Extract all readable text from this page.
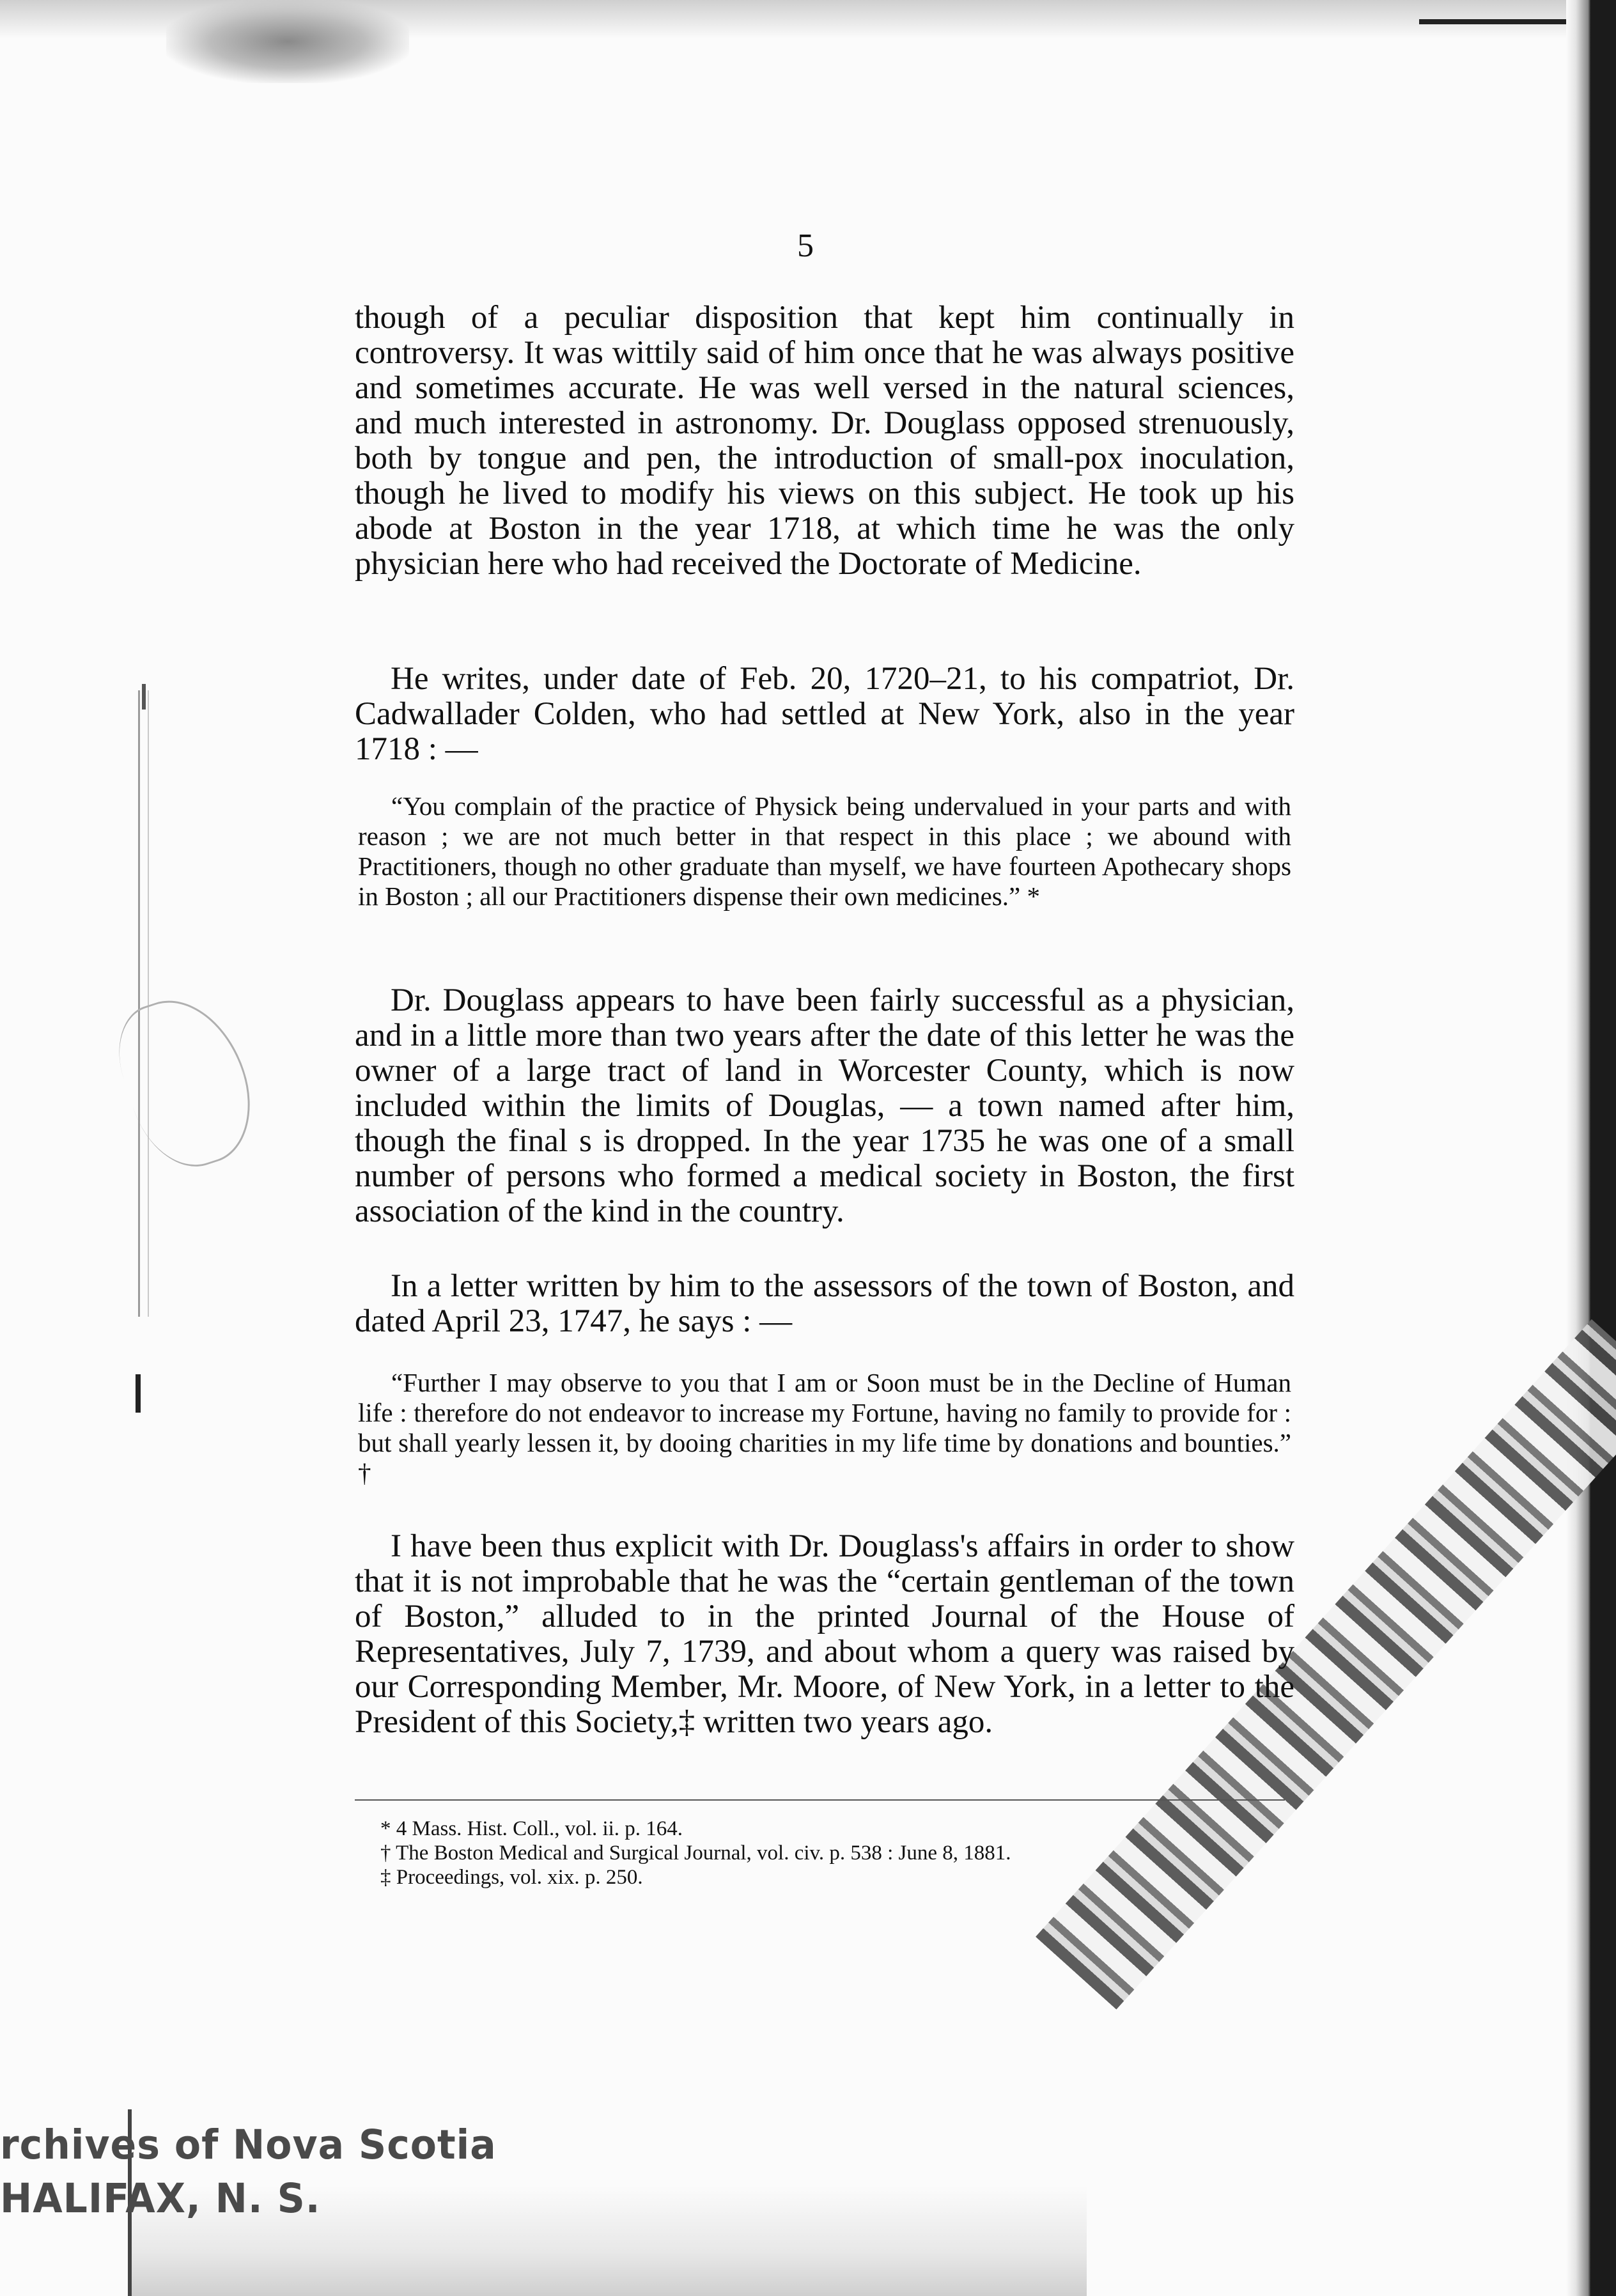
5

though of a peculiar disposition that kept him continually in controversy. It was wittily said of him once that he was always positive and sometimes accurate. He was well versed in the natural sciences, and much interested in astronomy. Dr. Douglass opposed strenuously, both by tongue and pen, the introduction of small-pox inoculation, though he lived to modify his views on this subject. He took up his abode at Boston in the year 1718, at which time he was the only physician here who had received the Doctorate of Medicine.

He writes, under date of Feb. 20, 1720–21, to his compatriot, Dr. Cadwallader Colden, who had settled at New York, also in the year 1718 : —

“You complain of the practice of Physick being undervalued in your parts and with reason ; we are not much better in that respect in this place ; we abound with Practitioners, though no other graduate than myself, we have fourteen Apothecary shops in Boston ; all our Practitioners dispense their own medicines.” *

Dr. Douglass appears to have been fairly successful as a physician, and in a little more than two years after the date of this letter he was the owner of a large tract of land in Worcester County, which is now included within the limits of Douglas, — a town named after him, though the final s is dropped. In the year 1735 he was one of a small number of persons who formed a medical society in Boston, the first association of the kind in the country.

In a letter written by him to the assessors of the town of Boston, and dated April 23, 1747, he says : —

“Further I may observe to you that I am or Soon must be in the Decline of Human life : therefore do not endeavor to increase my Fortune, having no family to provide for : but shall yearly lessen it, by dooing charities in my life time by donations and bounties.” †

I have been thus explicit with Dr. Douglass's affairs in order to show that it is not improbable that he was the “certain gentleman of the town of Boston,” alluded to in the printed Journal of the House of Representatives, July 7, 1739, and about whom a query was raised by our Corresponding Member, Mr. Moore, of New York, in a letter to the President of this Society,‡ written two years ago.

* 4 Mass. Hist. Coll., vol. ii. p. 164.
† The Boston Medical and Surgical Journal, vol. civ. p. 538 : June 8, 1881.
‡ Proceedings, vol. xix. p. 250.
rchives of Nova Scotia
HALIFAX, N. S.
